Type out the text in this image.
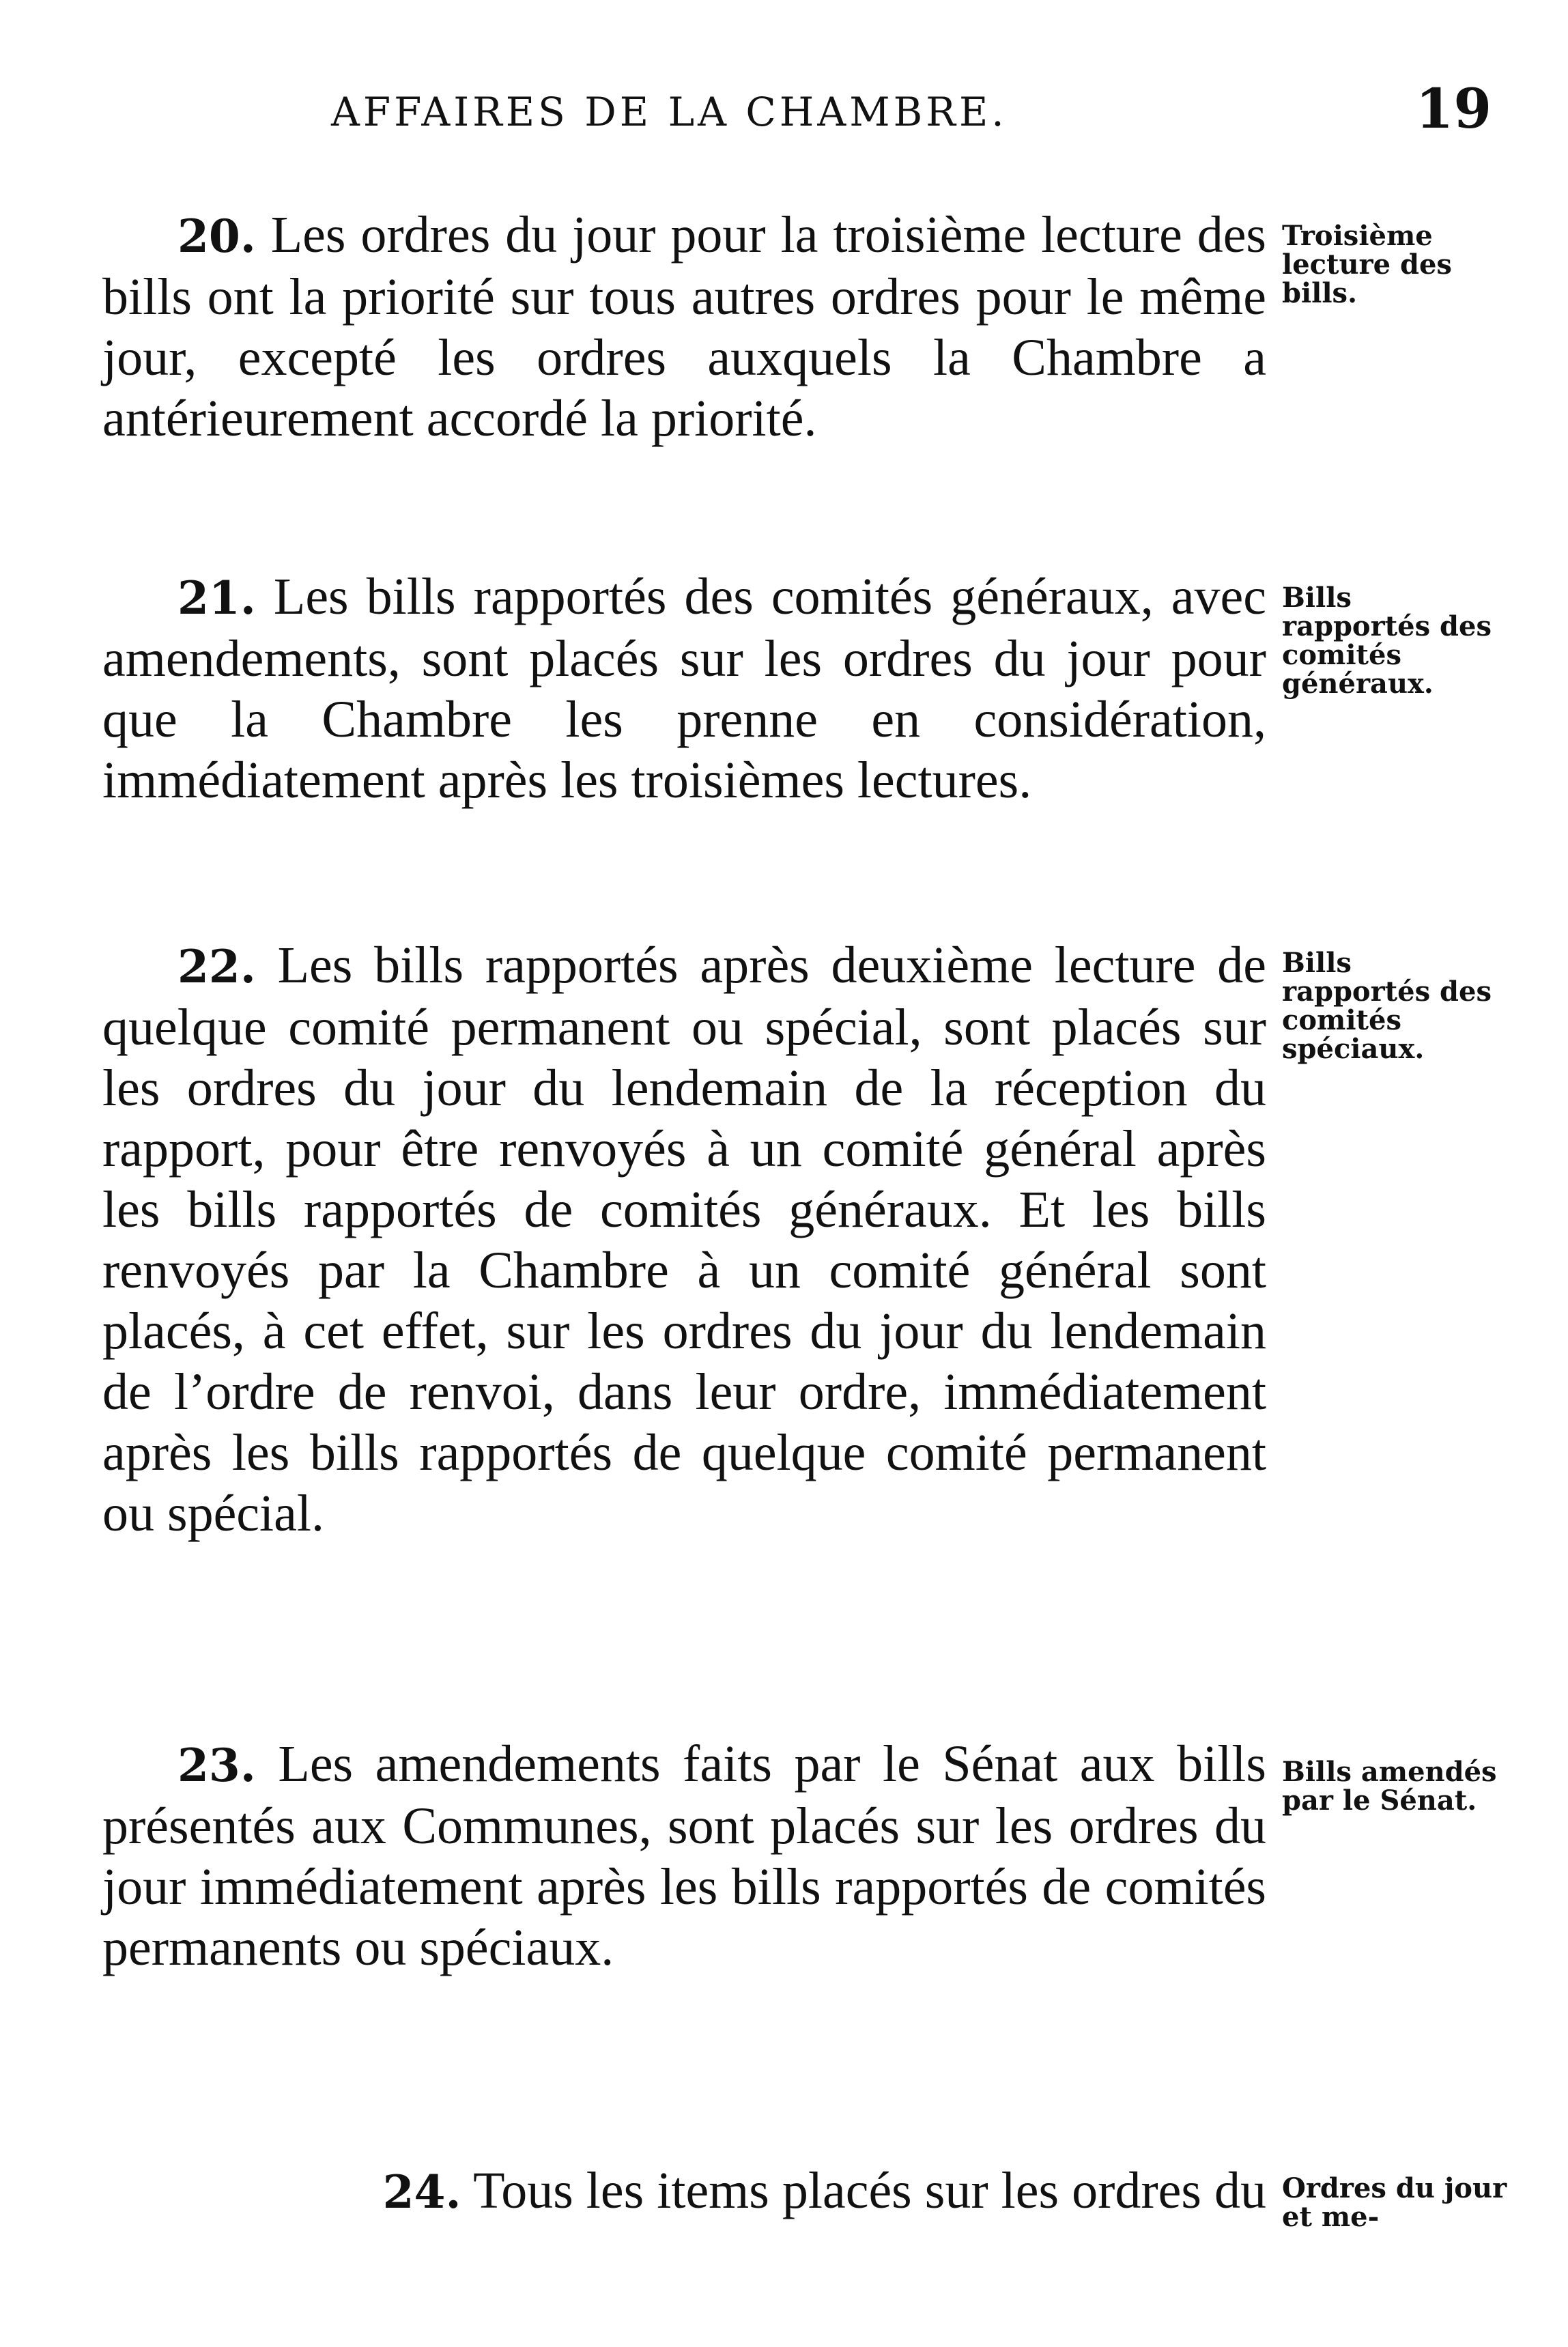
AFFAIRES DE LA CHAMBRE.	19

20. Les ordres du jour pour la troisième lecture des bills ont la priorité sur tous autres ordres pour le même jour, excepté les ordres auxquels la Chambre a antérieurement accordé la priorité.

Troisième lecture des bills.

21. Les bills rapportés des comités généraux, avec amendements, sont placés sur les ordres du jour pour que la Chambre les prenne en considération, immédiatement après les troisièmes lectures.

Bills rapportés des comités généraux.

22. Les bills rapportés après deuxième lecture de quelque comité permanent ou spécial, sont placés sur les ordres du jour du lendemain de la réception du rapport, pour être renvoyés à un comité général après les bills rapportés de comités généraux. Et les bills renvoyés par la Chambre à un comité général sont placés, à cet effet, sur les ordres du jour du lendemain de l’ordre de renvoi, dans leur ordre, immédiatement après les bills rapportés de quelque comité permanent ou spécial.

Bills rapportés des comités spéciaux.

23. Les amendements faits par le Sénat aux bills présentés aux Communes, sont placés sur les ordres du jour immédiatement après les bills rapportés de comités permanents ou spéciaux.

Bills amendés par le Sénat.

24. Tous les items placés sur les ordres du Ordres du jour et me-
